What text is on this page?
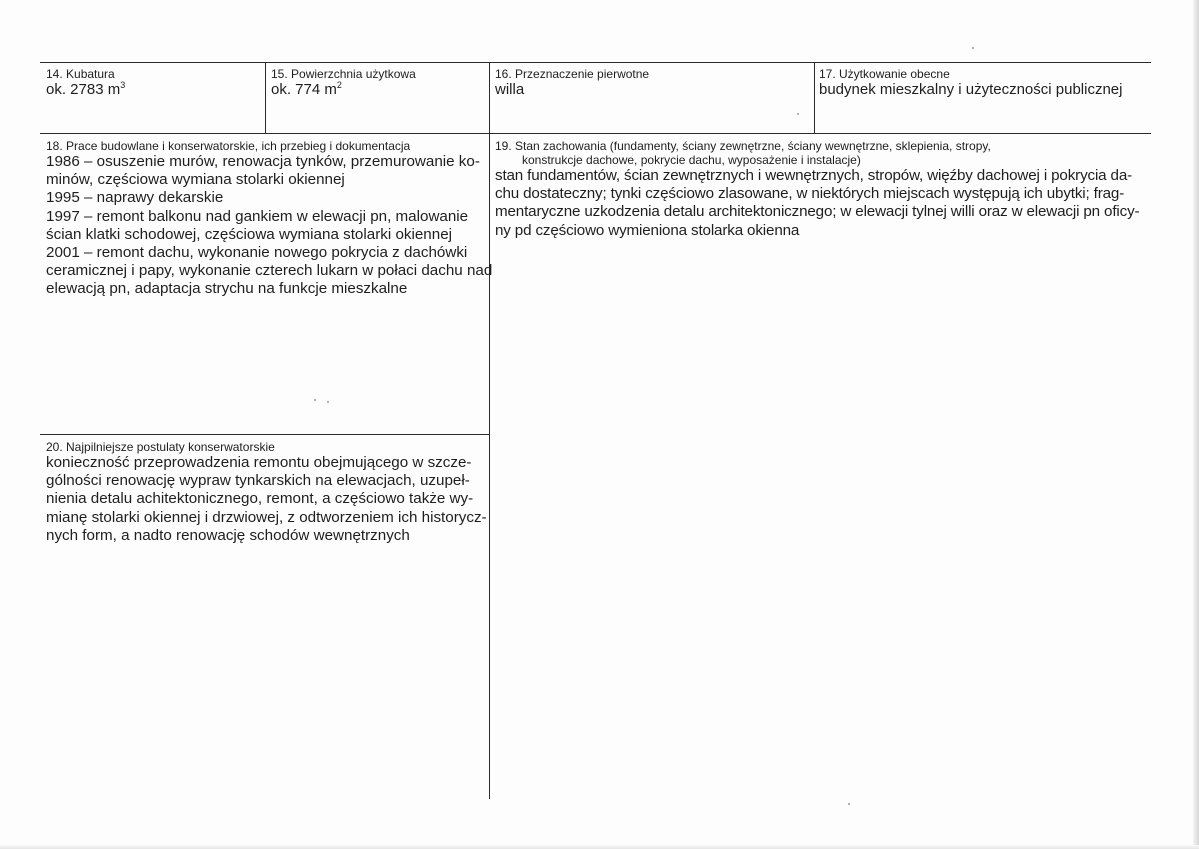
14. Kubatura
ok. 2783 $m^3$
15. Powierzchnia użytkowa
ok. 774 $m^2$
16. Przeznaczenie pierwotne
willa
17. Użytkowanie obecne
budynek mieszkalny i użyteczności publicznej
18. Prace budowlane i konserwatorskie, ich przebieg i dokumentacja
1986 – osuszenie murów, renowacja tynków, przemurowanie ko-
minów, częściowa wymiana stolarki okiennej
1995 – naprawy dekarskie
1997 – remont balkonu nad gankiem w elewacji pn, malowanie
ścian klatki schodowej, częściowa wymiana stolarki okiennej
2001 – remont dachu, wykonanie nowego pokrycia z dachówki
ceramicznej i papy, wykonanie czterech lukarn w połaci dachu nad
elewacją pn, adaptacja strychu na funkcje mieszkalne
19. Stan zachowania (fundamenty, ściany zewnętrzne, ściany wewnętrzne, sklepienia, stropy,
konstrukcje dachowe, pokrycie dachu, wyposażenie i instalacje)
stan fundamentów, ścian zewnętrznych i wewnętrznych, stropów, więźby dachowej i pokrycia da-
chu dostateczny; tynki częściowo zlasowane, w niektórych miejscach występują ich ubytki; frag-
mentaryczne uzkodzenia detalu architektonicznego; w elewacji tylnej willi oraz w elewacji pn oficy-
ny pd częściowo wymieniona stolarka okienna
20. Najpilniejsze postulaty konserwatorskie
konieczność przeprowadzenia remontu obejmującego w szcze-
gólności renowację wypraw tynkarskich na elewacjach, uzupeł-
nienia detalu achitektonicznego, remont, a częściowo także wy-
mianę stolarki okiennej i drzwiowej, z odtworzeniem ich historycz-
nych form, a nadto renowację schodów wewnętrznych
